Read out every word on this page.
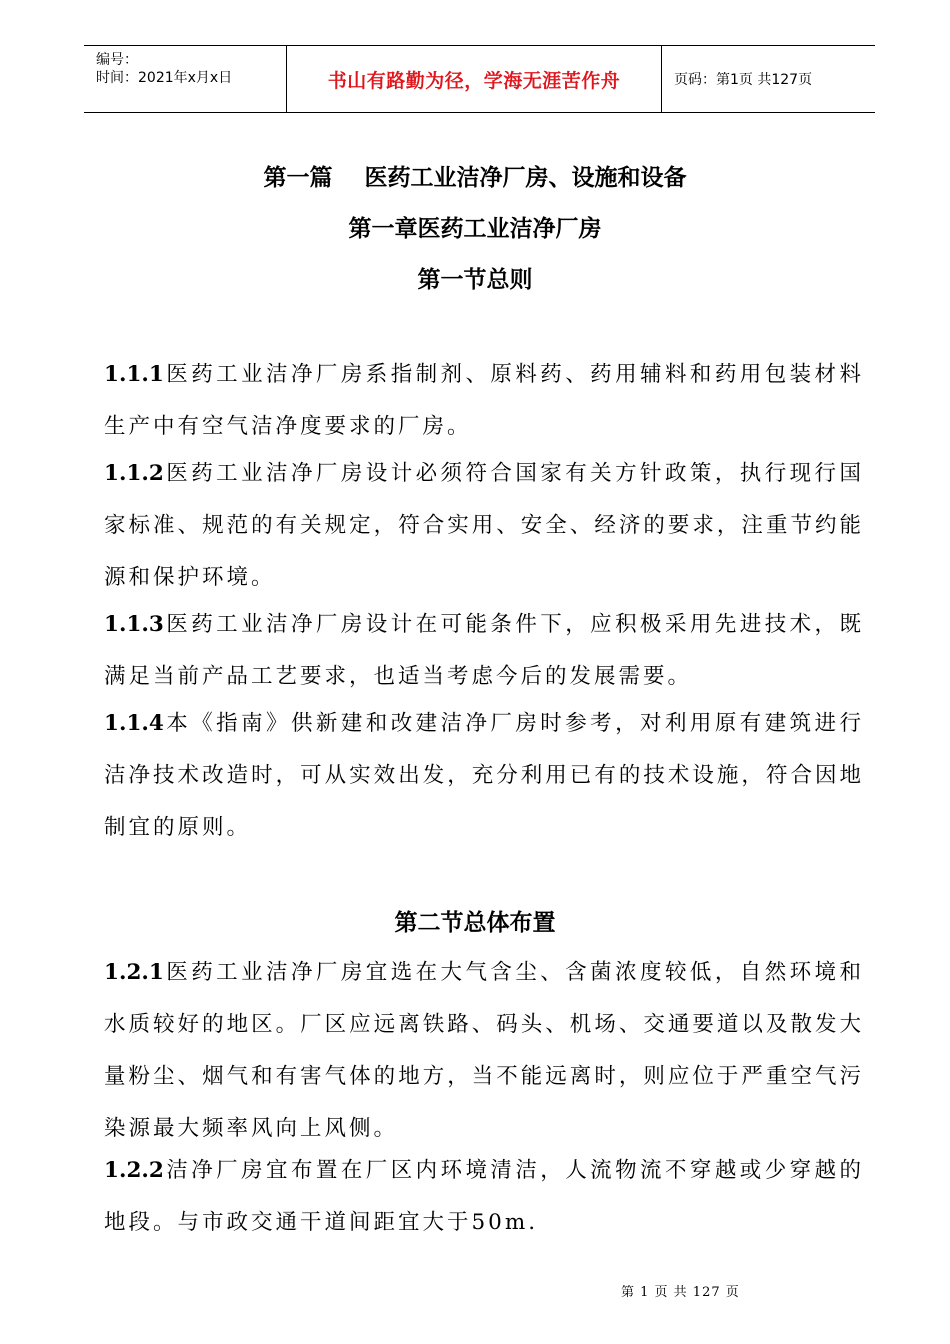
编号：
时间：2021年x月x日	书山有路勤为径，学海无涯苦作舟	页码：第1页 共127页
第一篇    医药工业洁净厂房、设施和设备
第一章医药工业洁净厂房
第一节总则
1.1.1医药工业洁净厂房系指制剂、原料药、药用辅料和药用包装材料生产中有空气洁净度要求的厂房。
1.1.2医药工业洁净厂房设计必须符合国家有关方针政策，执行现行国家标准、规范的有关规定，符合实用、安全、经济的要求，注重节约能源和保护环境。
1.1.3医药工业洁净厂房设计在可能条件下，应积极采用先进技术，既满足当前产品工艺要求，也适当考虑今后的发展需要。
1.1.4本《指南》供新建和改建洁净厂房时参考，对利用原有建筑进行洁净技术改造时，可从实效出发，充分利用已有的技术设施，符合因地制宜的原则。
第二节总体布置
1.2.1医药工业洁净厂房宜选在大气含尘、含菌浓度较低，自然环境和水质较好的地区。厂区应远离铁路、码头、机场、交通要道以及散发大量粉尘、烟气和有害气体的地方，当不能远离时，则应位于严重空气污染源最大频率风向上风侧。
1.2.2洁净厂房宜布置在厂区内环境清洁，人流物流不穿越或少穿越的地段。与市政交通干道间距宜大于50m.
第 1 页 共 127 页
